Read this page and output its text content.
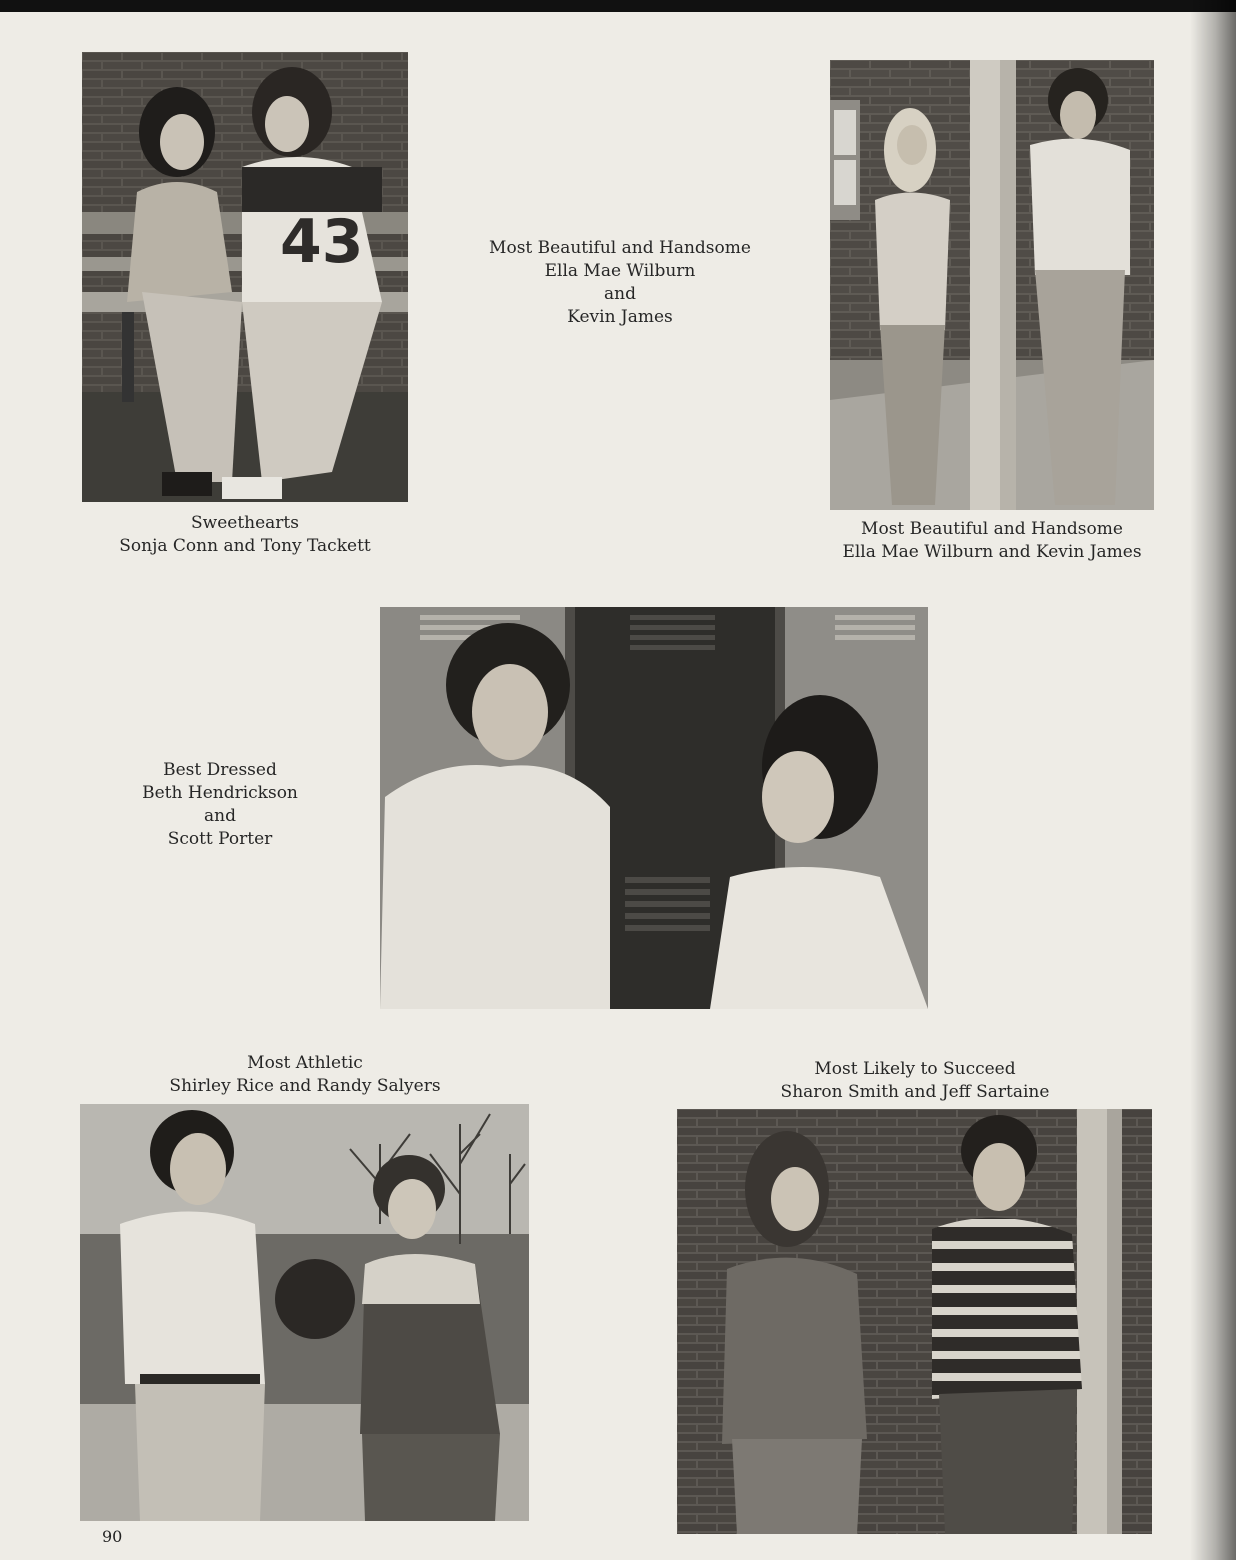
43	Most Beautiful and Handsome
Ella Mae Wilburn
and
Kevin James
Sweethearts
Sonja Conn and Tony Tackett
Most Beautiful and Handsome
Ella Mae Wilburn and Kevin James
Best Dressed
Beth Hendrickson
and
Scott Porter
Most Athletic
Shirley Rice and Randy Salyers
Most Likely to Succeed
Sharon Smith and Jeff Sartaine
90
